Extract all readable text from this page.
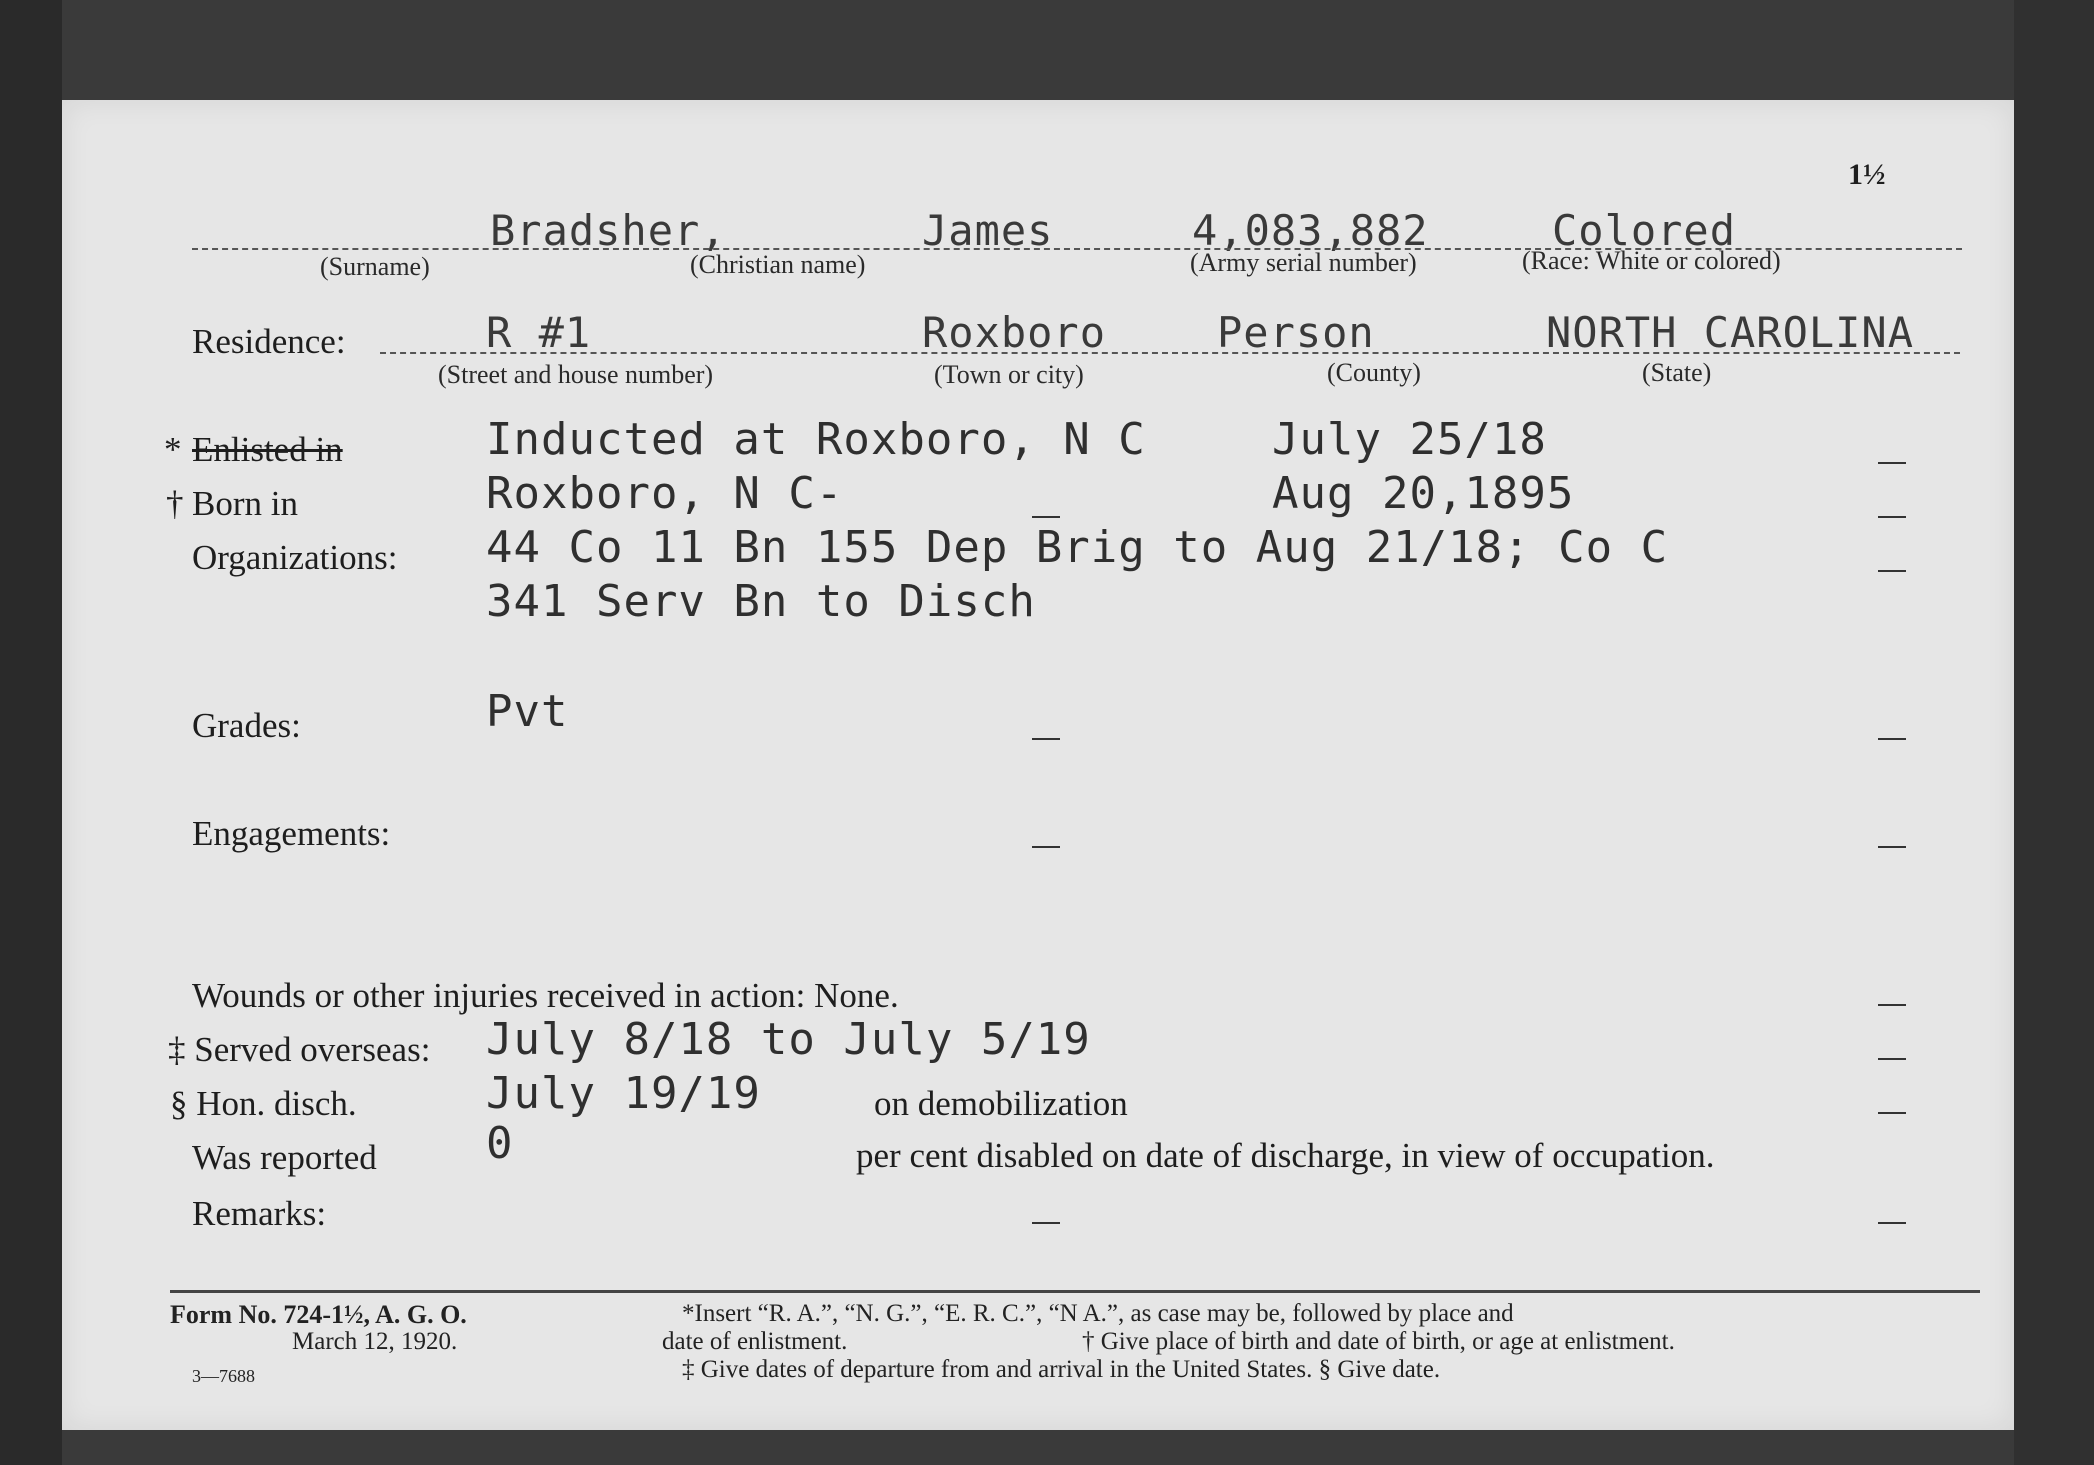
1½
Bradsher,	James	4,083,882	Colored
(Surname)	(Christian name)	(Army serial number)	(Race: White or colored)
Residence:	R #1	Roxboro	Person	NORTH CAROLINA
(Street and house number)	(Town or city)	(County)	(State)
* Enlisted in	Inducted at Roxboro, N C	July 25/18
† Born in	Roxboro, N C-	Aug 20,1895
Organizations: 44 Co 11 Bn 155 Dep Brig to Aug 21/18; Co C
341 Serv Bn to Disch
Grades:	Pvt
Engagements:
Wounds or other injuries received in action: None.
‡ Served overseas: July 8/18 to July 5/19
§ Hon. disch.	July 19/19	on demobilization
Was reported 0	per cent disabled on date of discharge, in view of occupation.
Remarks:
Form No. 724-1½, A. G. O.
March 12, 1920.
3—7688
*Insert “R. A.”, “N. G.”, “E. R. C.”, “N A.”, as case may be, followed by place and
date of enlistment.	† Give place of birth and date of birth, or age at enlistment.
‡ Give dates of departure from and arrival in the United States. § Give date.
